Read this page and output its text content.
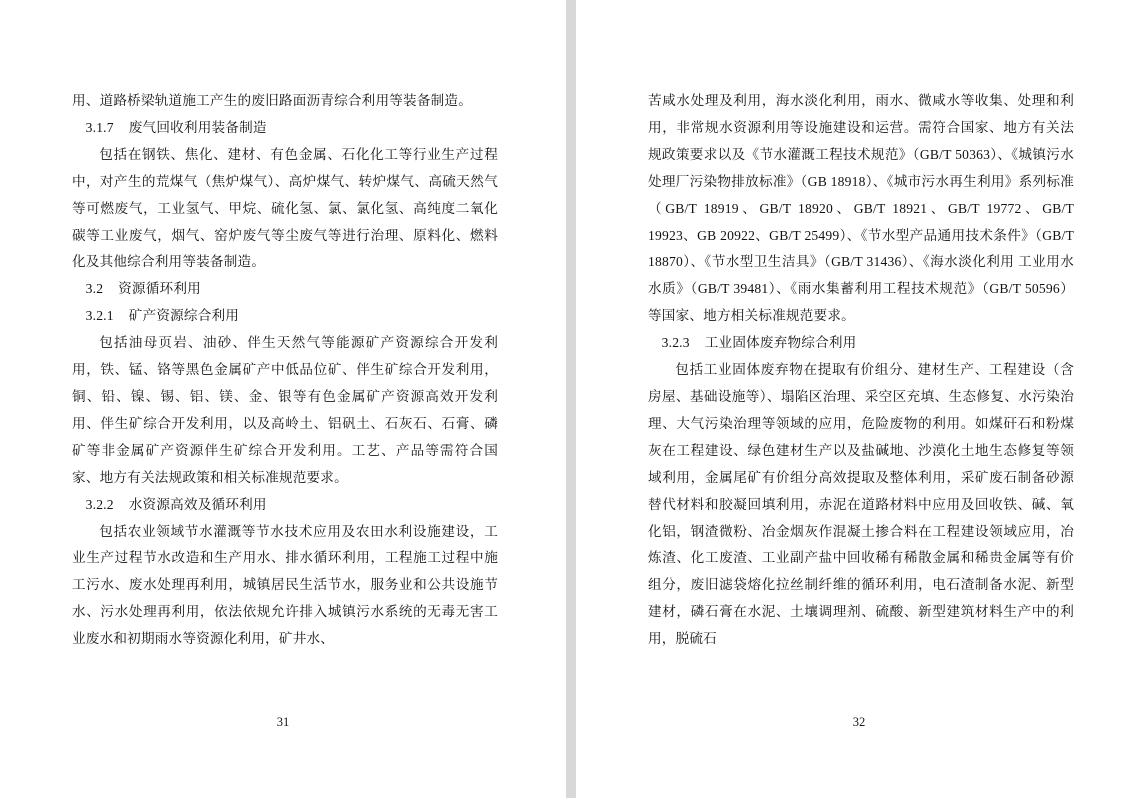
用、道路桥梁轨道施工产生的废旧路面沥青综合利用等装备制造。

3.1.7 废气回收利用装备制造

包括在钢铁、焦化、建材、有色金属、石化化工等行业生产过程中，对产生的荒煤气（焦炉煤气）、高炉煤气、转炉煤气、高硫天然气等可燃废气，工业氢气、甲烷、硫化氢、氯、氯化氢、高纯度二氧化碳等工业废气，烟气、窑炉废气等尘废气等进行治理、原料化、燃料化及其他综合利用等装备制造。

3.2 资源循环利用

3.2.1 矿产资源综合利用

包括油母页岩、油砂、伴生天然气等能源矿产资源综合开发利用，铁、锰、铬等黑色金属矿产中低品位矿、伴生矿综合开发利用，铜、铅、镍、锡、铝、镁、金、银等有色金属矿产资源高效开发利用、伴生矿综合开发利用，以及高岭土、铝矾土、石灰石、石膏、磷矿等非金属矿产资源伴生矿综合开发利用。工艺、产品等需符合国家、地方有关法规政策和相关标准规范要求。

3.2.2 水资源高效及循环利用

包括农业领域节水灌溉等节水技术应用及农田水利设施建设，工业生产过程节水改造和生产用水、排水循环利用，工程施工过程中施工污水、废水处理再利用，城镇居民生活节水，服务业和公共设施节水、污水处理再利用，依法依规允许排入城镇污水系统的无毒无害工业废水和初期雨水等资源化利用，矿井水、

31

苦咸水处理及利用，海水淡化利用，雨水、微咸水等收集、处理和利用，非常规水资源利用等设施建设和运营。需符合国家、地方有关法规政策要求以及《节水灌溉工程技术规范》（GB/T 50363）、《城镇污水处理厂污染物排放标准》（GB 18918）、《城市污水再生利用》系列标准（GB/T 18919、GB/T 18920、GB/T 18921、GB/T 19772、GB/T 19923、GB 20922、GB/T 25499）、《节水型产品通用技术条件》（GB/T 18870）、《节水型卫生洁具》（GB/T 31436）、《海水淡化利用 工业用水水质》（GB/T 39481）、《雨水集蓄利用工程技术规范》（GB/T 50596）等国家、地方相关标准规范要求。

3.2.3 工业固体废弃物综合利用

包括工业固体废弃物在提取有价组分、建材生产、工程建设（含房屋、基础设施等）、塌陷区治理、采空区充填、生态修复、水污染治理、大气污染治理等领域的应用，危险废物的利用。如煤矸石和粉煤灰在工程建设、绿色建材生产以及盐碱地、沙漠化土地生态修复等领域利用，金属尾矿有价组分高效提取及整体利用，采矿废石制备砂源替代材料和胶凝回填利用，赤泥在道路材料中应用及回收铁、碱、氧化铝，钢渣微粉、冶金烟灰作混凝土掺合料在工程建设领域应用，冶炼渣、化工废渣、工业副产盐中回收稀有稀散金属和稀贵金属等有价组分，废旧滤袋熔化拉丝制纤维的循环利用，电石渣制备水泥、新型建材，磷石膏在水泥、土壤调理剂、硫酸、新型建筑材料生产中的利用，脱硫石

32
